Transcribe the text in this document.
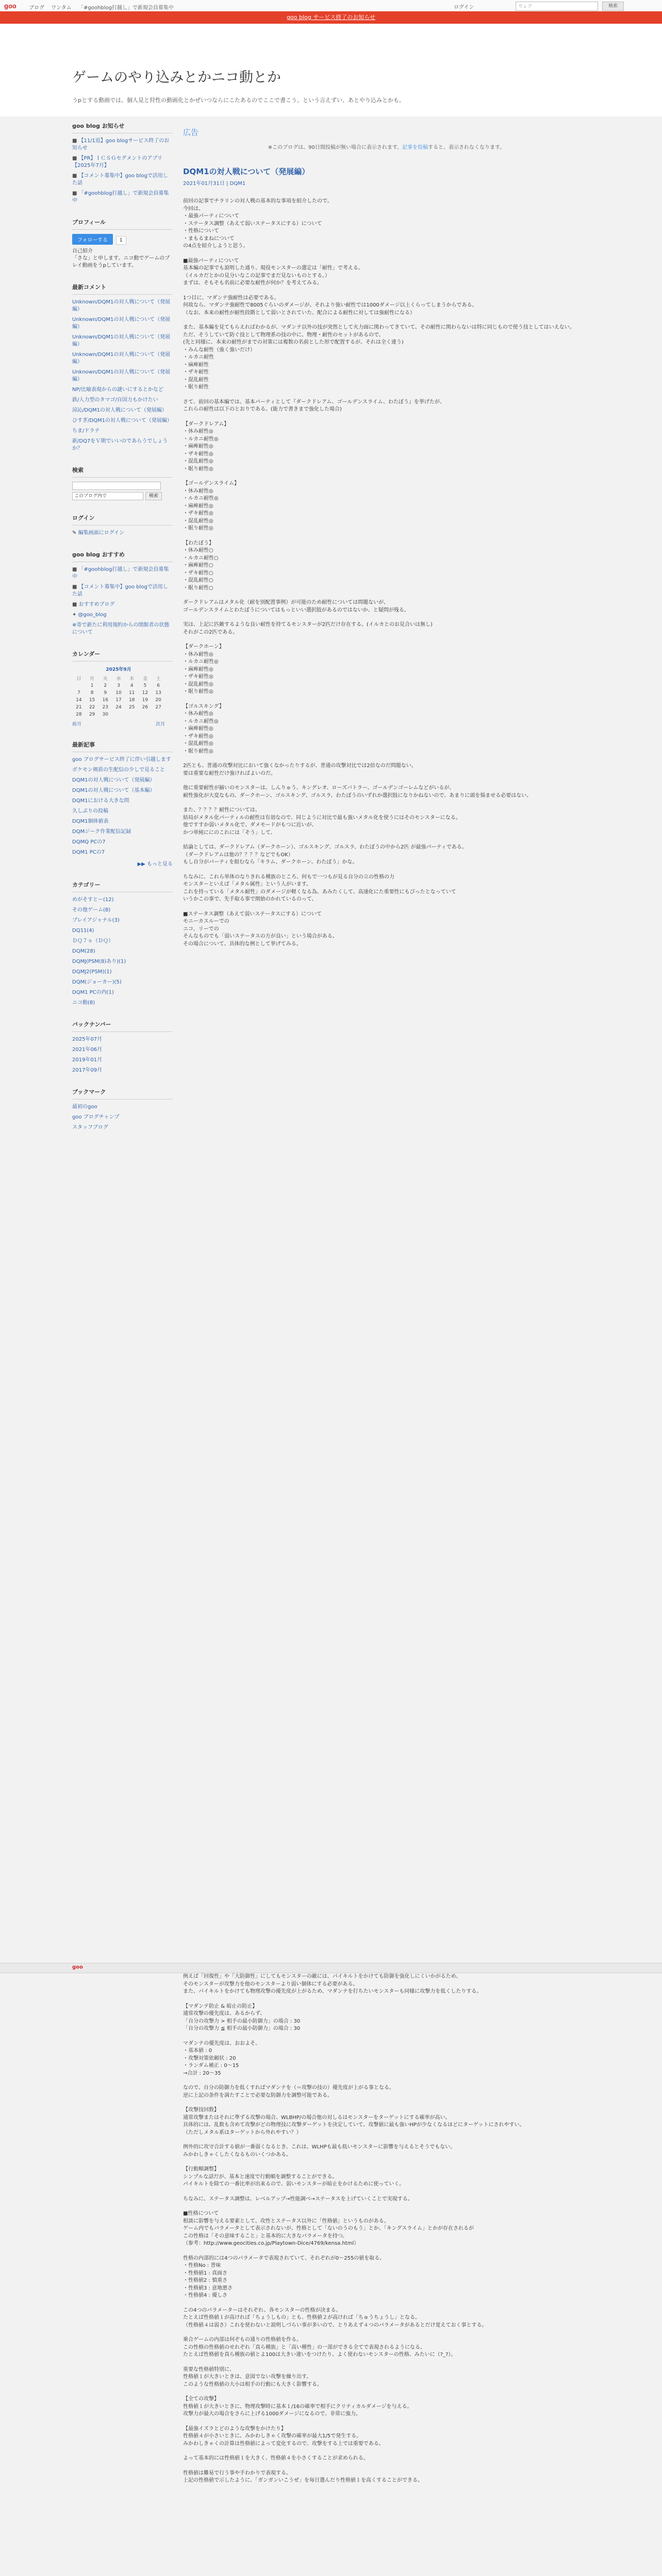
goo ブログ ワンタム 「#goohblog打越し」で新規会員募集中	ログイン	ウェブ	検索
goo blog サービス終了のお知らせ
ゲームのやり込みとかニコ動とか
うpとする動画では、個人見と狩性の動画化とかぜいつならにこたあるのでここで書こう。という言えずい、あとやり込みとかも。
goo blog お知らせ
■ 【11/1追】goo blogサービス終了のお知らせ
■ 【PR】ＩＣＳＧセグメントのアプリ【2025年7月】
■ 【コメント募集中】goo blogで活用した話
■ 「#goohblog打越し」で新規会員募集中
プロフィール
フォローする 1
自己紹介
「さな」と申します。ニコ動でゲームのプレイ動画をうpしています。
最新コメント
Unknown/DQM1の対人戦について（発展編）
Unknown/DQM1の対人戦について（発展編）
Unknown/DQM1の対人戦について（発展編）
Unknown/DQM1の対人戦について（発展編）
Unknown/DQM1の対人戦について（発展編）
NP/比喩表現からの謎いにするとかなど
鉄/人力型のタマゴ/自国力もかけたい
涼沁/DQM1の対人戦について（発展編）
ひすぎ/DQM1の対人戦について（発展編）
ちま/ドラテ
新/DQ7をＶ期でいいのであらうでしょうか？
検索
このブログ内で	検索
ログイン
✎ 編集画面にログイン
goo blog おすすめ
■ 「#goohblog打越し」で新規会員募集中
■ 【コメント募集中】goo blogで活用した話
■ おすすめブログ
✦ @goo_blog
※寄で新たに利用規約からの閉館者の状態について
カレンダー
2025年9月
日	月	火	水	木	金	土
	1	2	3	4	5	6
7	8	9	10	11	12	13
14	15	16	17	18	19	20
21	22	23	24	25	26	27
28	29	30				
前月	次月
最新記事
goo ブログサービス終了に伴い引越します
ポケモン剣盾の生配信の少しで見ること
DQM1の対人戦について（発展編）
DQM1の対人戦について（基本編）
DQM1における大きな問
久しぶりの投稿
DQM1個体値表
DQMジーク作業配信記録
DQMQ PCの7
DQM1 PCの7
▶▶ もっと見る
カテゴリー
めがそすとー(12)
その他ゲーム(8)
プレイアジャナル(3)
DQ11(4)
ＤＱ７ｓ（ＤＱ）
DQM(28)
DQMJ(PSM(8)あり)(1)
DQMJ2(PSM)(1)
DQM(ジョーカー)(5)
DQM1 PCの内(1)
ニコ動(8)
バックナンバー
2025年07月
2021年06月
2019年01月
2017年09月
ブックマーク
最初のgoo
goo ブログチャンプ
スタッフブログ
広告
※このブログは、90日間投稿が無い場合に表示されます。記事を投稿すると、表示されなくなります。
DQM1の対人戦について（発展編）
2021年01月31日 | DQM1

前回の記事でチラリンの対人戦の基本的な事項を紹介したので。
今回は、
・最強パーティについて
・ステータス調整（あえて弱いステータスにする）について
・性格について
・まもるまねについて
の4点を紹介しようと思う。

■最強パーティについて
基本編の記事でも説明した通り、現役モンスターの選定は「耐性」で考える。
（イルカだとかの見分いなこの記事でまだ見ないものとする。）
まずは、そもそも名前に必要な耐性が何か？を考えてみる。

1つ目に、マダンテ強耐性は必要である。
何故なら、マダンテ強耐性で8005ぐらいのダメージが、それより強い耐性では1000ダメージ以上くらってしまうからである。
（なお、本来の耐性が耐性段階として弱いとされていた、配合による耐性に対しては強耐性になる）

また、基本編を見てもらえればわかるが、マダンテ以外の技が突然として火力面に関わってきていて、その耐性に関わらないは特に同じもので使う技としてはいえない。
ただ、そうしていて防ぐ技として物理系の技の中に、物理・耐性のセットがあるので、
(先と同様に、本来の耐性がまでの対策には複数の名前とした形で配置するが、それは全く違う)
・みんな耐性（強く強いだけ）
・ルカニ耐性
・麻痺耐性
・ザキ耐性
・混乱耐性
・眠り耐性

さて、前回の基本編では、基本パーティとして『ダークドレアム、ゴールデンスライム、わたぼう』を挙げたが、
これらの耐性は以下のとおりである。(能力で書きまで強化した場合)

【ダークドレアム】
・休み耐性◎
・ルカニ耐性◎
・麻痺耐性◎
・ザキ耐性◎
・混乱耐性◎
・眠り耐性◎

【ゴールデンスライム】
・休み耐性◎
・ルカニ耐性◎
・麻痺耐性◎
・ザキ耐性◎
・混乱耐性◎
・眠り耐性◎

【わたぼう】
・休み耐性○
・ルカニ耐性○
・麻痺耐性○
・ザキ耐性○
・混乱耐性○
・眠り耐性○

ダークドレアムはメタル化（耐を別配置事例）が可能のため耐性については問題ないが、
ゴールデンスライムとわたぼうについてはもっといい選択肢があるのではないか、と疑問が残る。

実は、上記に匹敵するような良い耐性を持てるモンスターが2匹だけ存在する。(イルカとのお見合いは無し)
それがこの2匹である。

【ダークホーン】
・休み耐性◎
・ルカニ耐性◎
・麻痺耐性◎
・ザキ耐性◎
・混乱耐性◎
・眠り耐性◎

【ゴルスキング】
・休み耐性◎
・ルカニ耐性◎
・麻痺耐性◎
・ザキ耐性◎
・混乱耐性◎
・眠り耐性◎

2匹とも、普通の攻撃対比において強くなかったりするが、普通の攻撃対比では2倍なのだ問題ない。
要は重要な耐性だけ強ければよいのだ。

他に重要耐性が揃いのモンスターは、しんりゅう、キングレオ、ローズバトラー、ゴールデンゴーレムなどがいるが、
耐性強化が大変なもの、ダークホーン、ゴルスキング、ゴルスラ、わたぼうのいずれか選択肢になりかねないので、あまりに頭を悩ませる必要はない。

また、？？？？耐性については、
結局がメタル化パーティルの耐性は有効なので、同じように対比で最も強いメタル化を使うにはそのモンスターになる。
他ですすか弱いメタル化で、ダメモードがもつに近いが、
かつ単純ににのこれには「そう」して、

結論としては、ダークドレアム（ダークホーン）、ゴルスキング、ゴルスラ、わたぼうの中から2匹 が最強パーティである。
（ダークドレアムは他の？？？？などでもOK）
もし自分がパーティを組むなら「キラム、ダークホーン、わたぼう」かな。

ちなみに、これら単体のなりきれる種族のところ、何もで一つもが見る自分の立の性格の力
モンスターといえば「メタル属性」という人がいます。
これを持っている「メタル耐性」のダメージが軽くなる為、あみたくして、高速化にた重要性にもぴったとなっていて
いうかこの事で、先手取る事で開始のかれているのって、

■ステータス調整（あえて弱いステータスにする）について
モニーカスルーでの
ニコ、リーでの
そんなものでも「弱いステータスの方が良い」という場合がある。
その場合について、具体的な例として挙げてみる。

goo

例えば「回復性」や「大防御性」にしてもモンスターの敵には、パイキルトをかけても防御を強化しにくいかがるため、
そのモンスターが攻撃力を他のモンスターより弱い個体にする必要がある。
また、パイキルトをかけても物理攻撃の優先度が上がるため、マダンテを打ちたいモンスターも同様に攻撃力を低くしたりする。

【マダンテ防止 & 暗止の防止】
通常攻撃の優先度は、あるからず、
「自分の攻撃力 > 相手の最小防御力」の場合 : 30
「自分の攻撃力 ≦ 相手の最小防御力」の場合 : 30

マダンテの優先度は、おおよそ、
・基本値 : 0
・攻撃対策依頼状 : 20
・ランダム補正 : 0〜15
→合計 : 20〜35

なので、自分の防御力を低くすればマダンテを（＝攻撃の技の）優先度が上がる事となる。
逆に上記の条件を満たすことで必要な防御力を調整可能である。

【攻撃技回数】
通常攻撃またはそれに準ずる攻撃の場合、WLBHP/の場合他の対しるはモンスターをターゲットにする確率が高い。
具体的には、乱数も含めて攻撃がどの物理技に攻撃ダーゲットを決定していて、攻撃値に最も強いHPが少なくなるほどにターゲットにされやすい。
（ただしメタル系はターゲットから外れやすい？）

例外的に攻守合計する値が一番弱くなるとき、これは、WLHPも最も低いモンスターに影響を与えるとそうでもない。
みかわしきゃくしたくなるものいくつかある。

【行動順調整】
シンプルな話だが、基本と速度で行動順を調整することができる。
パイキルトを除ての一番比率が出来るので、弱いモンスターが暗止をかけるために使っていく。

ちなみに、ステータス調整は、レベルアップ→性能調べ→ステータスを上げていくことで実現する。

■性格について
相談に影響を与える要素として、攻性とステータス以外に「性格値」というものがある。
ゲーム内でもパラメータとして表示されないが、性格として「ないのうのもう」とか、「キングスライム」とかが存在されるが
この性格は「その意味すること」と基本的に大きなパラメータを持つ。
（参考：http://www.geocities.co.jp/Playtown-Dice/4769/kensa.html）

性格の内部的には4つのパラメータで表現されていて、それぞれが0〜255の値を取る。
・性格No : 普味
・性格値1 : 真面さ
・性格値2 : 慎重さ
・性格値3 : 意地悪さ
・性格値4 : 優しさ

この4つのパラメーターはそれぞれ、各モンスターの性格が決まる。
たとえば性格値１が高ければ「ちょうしもの」とも、性格値２が高ければ「ちゅうちょうし」となる。
（性格値４は弱さ）これを使わないと説明しづらい事が多いので、とりあえず４つのパラメータがあるとだけ覚えておく事とする。

乗合ゲームの内部は何ぞもの通りの性格値を作る。
この性格の性格値のせれぞれ「真ら種族」と「高い種性」の一部ができる全てで表現されるようになる。
たとえば性格値を真ら種族の値とよ100は大きい違いをつけたり、よく使わないモンスターの性格、みたいに（?_?）。

重要な性格値特別に、
性格値１が大きいときは、意図でない攻撃を繰り出す。
このような性格値の大小は相手の行動にも大きく影響する。

【全ての攻撃】
性格値１が大きいときに、物理攻撃時に基本１/16の確率で相手にクリティカルダメージを与える。
攻撃力が最大の場合をさらに上げる1000ダメージになるので、非常に強力。

【最強イズラとどのような攻撃をかけたり】
性格値４が小さいときに、みかわしきゃく攻撃の確率が最大1/5で発生する。
みかわしきゃくの計算は性格値によって変化するので、攻撃をする上では重要である。

よって基本的には性格値１を大きく、性格値４を小さくすることが求められる。

性格値は難易で行う事や手わかりで表現する。
上記の性格値で示したように、「ガンガンいこうぜ」を毎日選んだり性格値１を高くすることができる。
